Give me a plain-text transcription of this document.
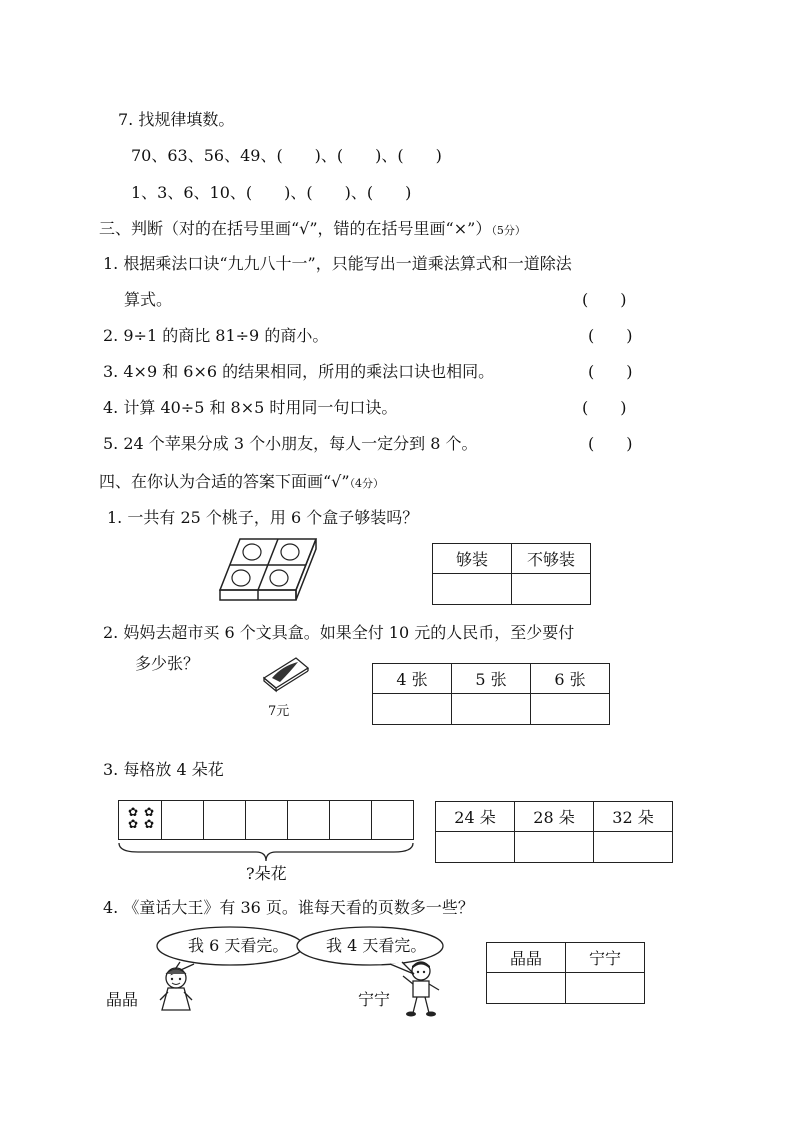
7. 找规律填数。
70、63、56、49、(　　)、(　　)、(　　)
1、3、6、10、(　　)、(　　)、(　　)
三、判断（对的在括号里画“√”，错的在括号里画“×”）（5分）
1. 根据乘法口诀“九九八十一”，只能写出一道乘法算式和一道除法
算式。	(　　)
2. 9÷1 的商比 81÷9 的商小。	(　　)
3. 4×9 和 6×6 的结果相同，所用的乘法口诀也相同。	(　　)
4. 计算 40÷5 和 8×5 时用同一句口诀。	(　　)
5. 24 个苹果分成 3 个小朋友，每人一定分到 8 个。	(　　)
四、在你认为合适的答案下面画“√”（4分）
1. 一共有 25 个桃子，用 6 个盒子够装吗？
够装	不够装

2. 妈妈去超市买 6 个文具盒。如果全付 10 元的人民币，至少要付
多少张？
7元
4 张	5 张	6 张

3. 每格放 4 朵花
✿ ✿
✿ ✿
?朵花
24 朵	28 朵	32 朵

4. 《童话大王》有 36 页。谁每天看的页数多一些？
我 6 天看完。 我 4 天看完。
晶晶	宁宁
晶晶	宁宁
